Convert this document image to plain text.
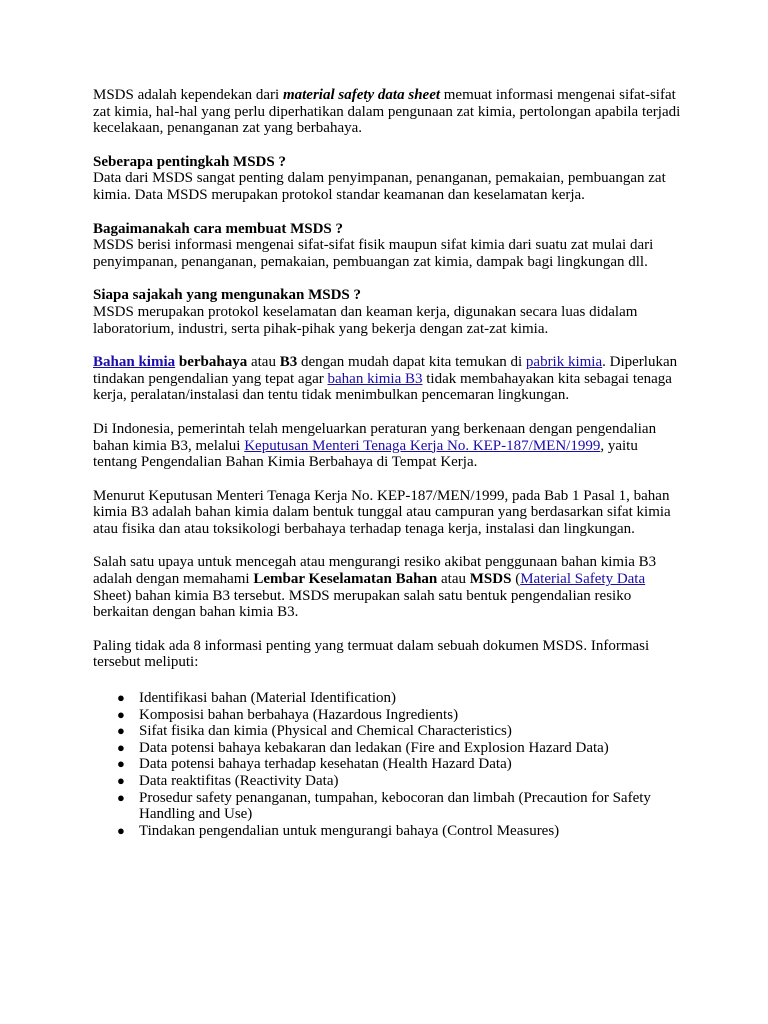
MSDS adalah kependekan dari material safety data sheet memuat informasi mengenai sifat-sifat zat kimia, hal-hal yang perlu diperhatikan dalam pengunaan zat kimia, pertolongan apabila terjadi kecelakaan, penanganan zat yang berbahaya.

Seberapa pentingkah MSDS ?
Data dari MSDS sangat penting dalam penyimpanan, penanganan, pemakaian, pembuangan zat kimia. Data MSDS merupakan protokol standar keamanan dan keselamatan kerja.

Bagaimanakah cara membuat MSDS ?
MSDS berisi informasi mengenai sifat-sifat fisik maupun sifat kimia dari suatu zat mulai dari penyimpanan, penanganan, pemakaian, pembuangan zat kimia, dampak bagi lingkungan dll.

Siapa sajakah yang mengunakan MSDS ?
MSDS merupakan protokol keselamatan dan keaman kerja, digunakan secara luas didalam laboratorium, industri, serta pihak-pihak yang bekerja dengan zat-zat kimia.

Bahan kimia berbahaya atau B3 dengan mudah dapat kita temukan di pabrik kimia. Diperlukan tindakan pengendalian yang tepat agar bahan kimia B3 tidak membahayakan kita sebagai tenaga kerja, peralatan/instalasi dan tentu tidak menimbulkan pencemaran lingkungan.

Di Indonesia, pemerintah telah mengeluarkan peraturan yang berkenaan dengan pengendalian bahan kimia B3, melalui Keputusan Menteri Tenaga Kerja No. KEP-187/MEN/1999, yaitu tentang Pengendalian Bahan Kimia Berbahaya di Tempat Kerja.

Menurut Keputusan Menteri Tenaga Kerja No. KEP-187/MEN/1999, pada Bab 1 Pasal 1, bahan kimia B3 adalah bahan kimia dalam bentuk tunggal atau campuran yang berdasarkan sifat kimia atau fisika dan atau toksikologi berbahaya terhadap tenaga kerja, instalasi dan lingkungan.

Salah satu upaya untuk mencegah atau mengurangi resiko akibat penggunaan bahan kimia B3 adalah dengan memahami Lembar Keselamatan Bahan atau MSDS (Material Safety Data Sheet) bahan kimia B3 tersebut. MSDS merupakan salah satu bentuk pengendalian resiko berkaitan dengan bahan kimia B3.

Paling tidak ada 8 informasi penting yang termuat dalam sebuah dokumen MSDS. Informasi tersebut meliputi:

● Identifikasi bahan (Material Identification)
● Komposisi bahan berbahaya (Hazardous Ingredients)
● Sifat fisika dan kimia (Physical and Chemical Characteristics)
● Data potensi bahaya kebakaran dan ledakan (Fire and Explosion Hazard Data)
● Data potensi bahaya terhadap kesehatan (Health Hazard Data)
● Data reaktifitas (Reactivity Data)
● Prosedur safety penanganan, tumpahan, kebocoran dan limbah (Precaution for Safety Handling and Use)
● Tindakan pengendalian untuk mengurangi bahaya (Control Measures)
